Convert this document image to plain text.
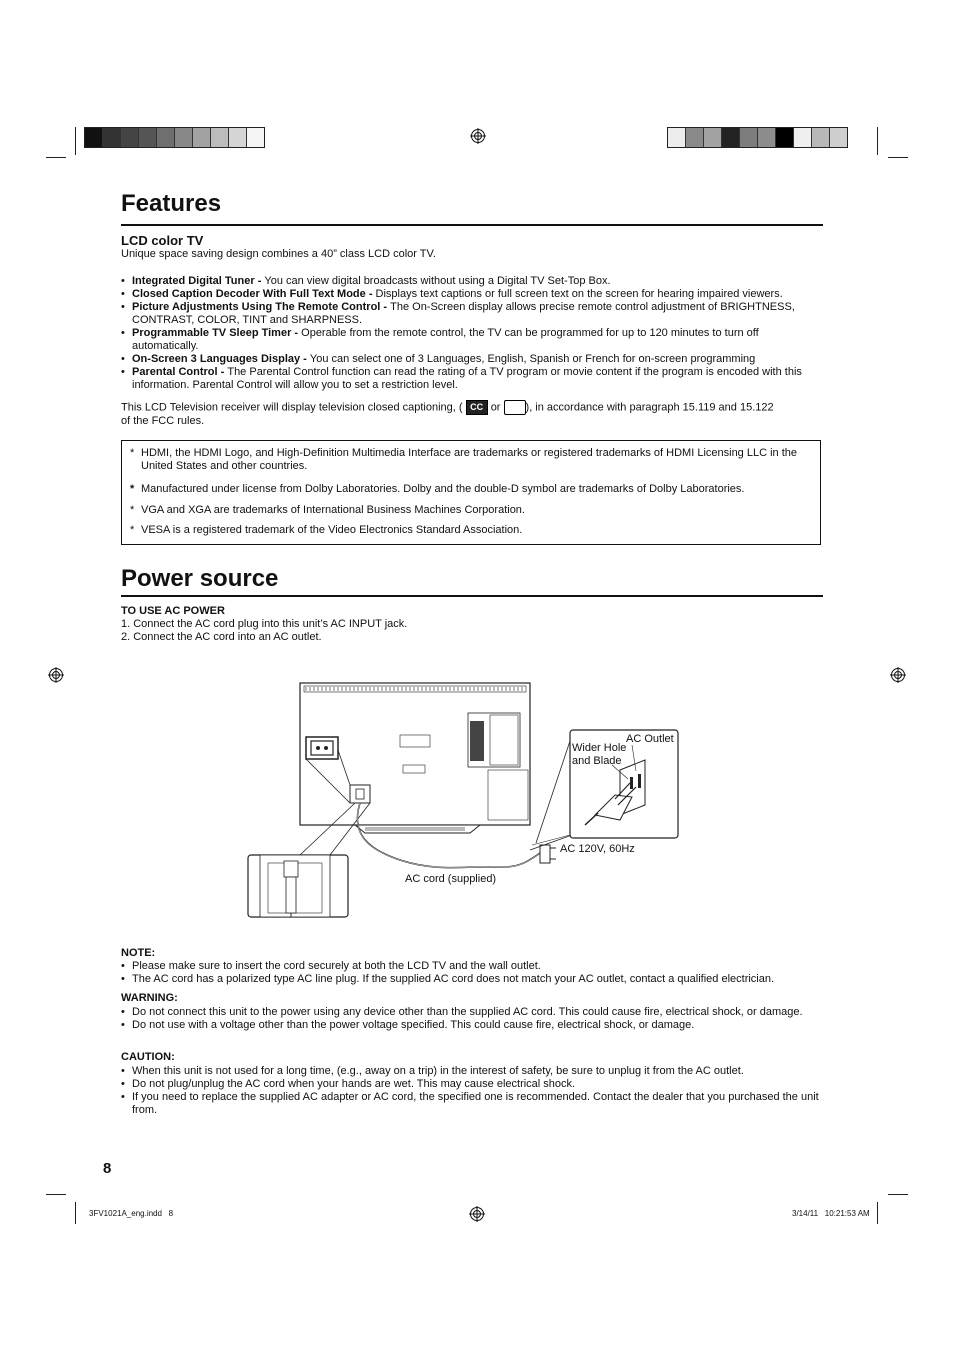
Features
LCD color TV
Unique space saving design combines a 40” class LCD color TV.
• Integrated Digital Tuner - You can view digital broadcasts without using a Digital TV Set-Top Box.
• Closed Caption Decoder With Full Text Mode - Displays text captions or full screen text on the screen for hearing impaired viewers.
• Picture Adjustments Using The Remote Control - The On-Screen display allows precise remote control adjustment of BRIGHTNESS, CONTRAST, COLOR, TINT and SHARPNESS.
• Programmable TV Sleep Timer - Operable from the remote control, the TV can be programmed for up to 120 minutes to turn off automatically.
• On-Screen 3 Languages Display - You can select one of 3 Languages, English, Spanish or French for on-screen programming
• Parental Control - The Parental Control function can read the rating of a TV program or movie content if the program is encoded with this information. Parental Control will allow you to set a restriction level.
This LCD Television receiver will display television closed captioning, ( CC or ), in accordance with paragraph 15.119 and 15.122
of the FCC rules.
* HDMI, the HDMI Logo, and High-Definition Multimedia Interface are trademarks or registered trademarks of HDMI Licensing LLC in the United States and other countries.
* Manufactured under license from Dolby Laboratories. Dolby and the double-D symbol are trademarks of Dolby Laboratories.
* VGA and XGA are trademarks of International Business Machines Corporation.
* VESA is a registered trademark of the Video Electronics Standard Association.
Power source
TO USE AC POWER
1. Connect the AC cord plug into this unit’s AC INPUT jack.
2. Connect the AC cord into an AC outlet.
AC Outlet
Wider Hole
and Blade
AC 120V, 60Hz
AC cord (supplied)
NOTE:
• Please make sure to insert the cord securely at both the LCD TV and the wall outlet.
• The AC cord has a polarized type AC line plug. If the supplied AC cord does not match your AC outlet, contact a qualified electrician.
WARNING:
• Do not connect this unit to the power using any device other than the supplied AC cord. This could cause fire, electrical shock, or damage.
• Do not use with a voltage other than the power voltage specified. This could cause fire, electrical shock, or damage.
CAUTION:
• When this unit is not used for a long time, (e.g., away on a trip) in the interest of safety, be sure to unplug it from the AC outlet.
• Do not plug/unplug the AC cord when your hands are wet. This may cause electrical shock.
• If you need to replace the supplied AC adapter or AC cord, the specified one is recommended. Contact the dealer that you purchased the unit from.
8
3FV1021A_eng.indd   8	3/14/11   10:21:53 AM
